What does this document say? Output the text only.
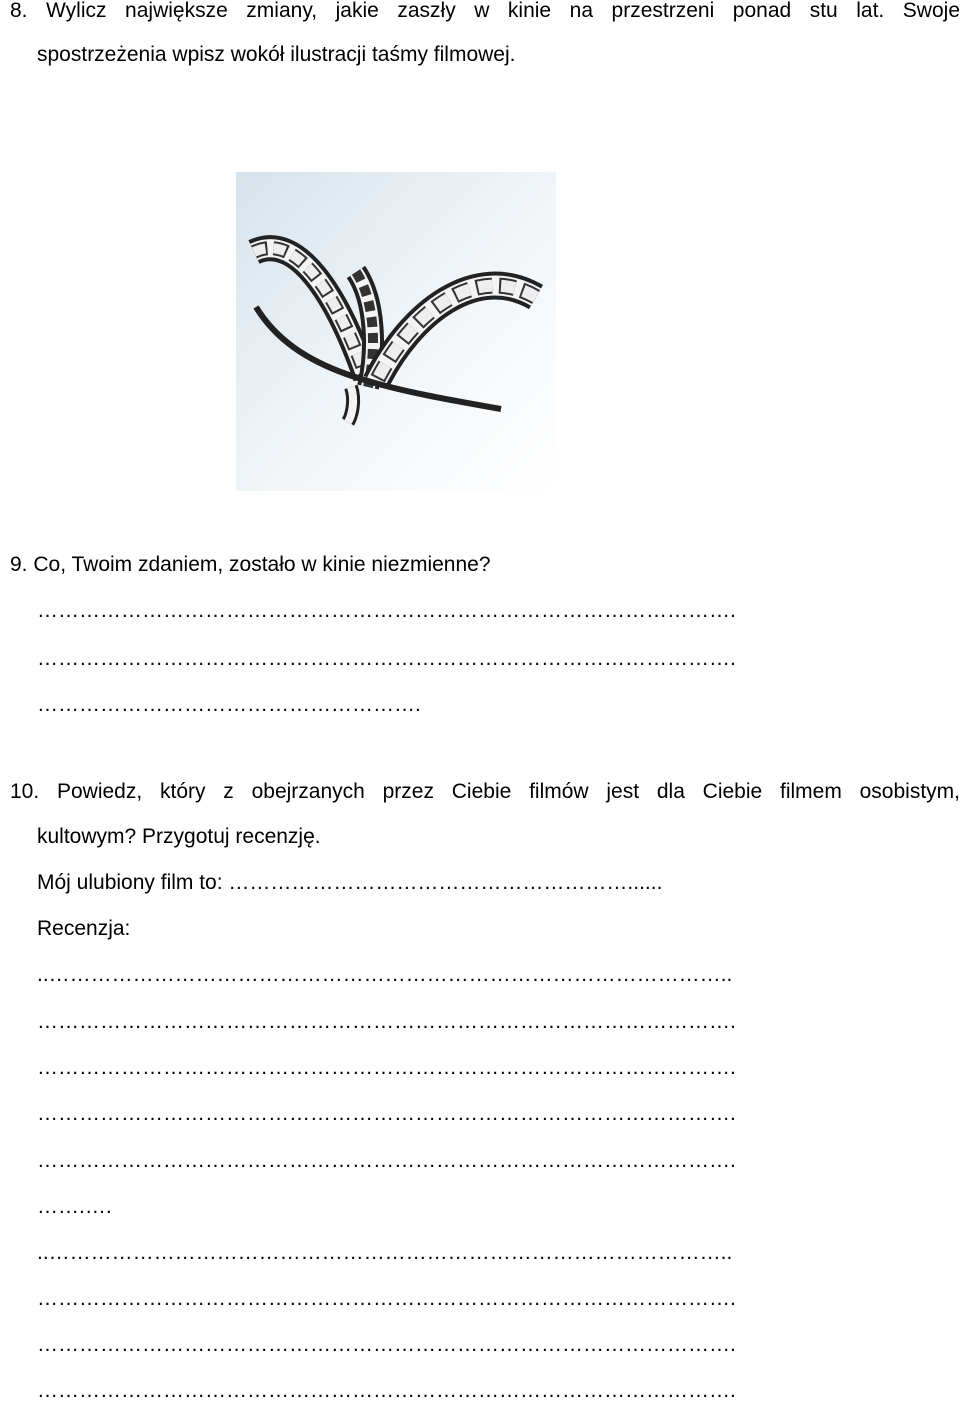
8. Wylicz największe zmiany, jakie zaszły w kinie na przestrzeni ponad stu lat. Swoje
spostrzeżenia wpisz wokół ilustracji taśmy filmowej.
9. Co, Twoim zdaniem, zostało w kinie niezmienne?
……………………………………………………………………………………….
……………………………………………………………………………………….
……………………………………………….
10. Powiedz, który z obejrzanych przez Ciebie filmów jest dla Ciebie filmem osobistym,
kultowym? Przygotuj recenzję.
Mój ulubiony film to: …………………………………………………......
Recenzja:
..……………………………………………………………………………………..
……………………………………………………………………………………….
……………………………………………………………………………………….
……………………………………………………………………………………….
……………………………………………………………………………………….
…….….
..……………………………………………………………………………………..
……………………………………………………………………………………….
……………………………………………………………………………………….
……………………………………………………………………………………….
